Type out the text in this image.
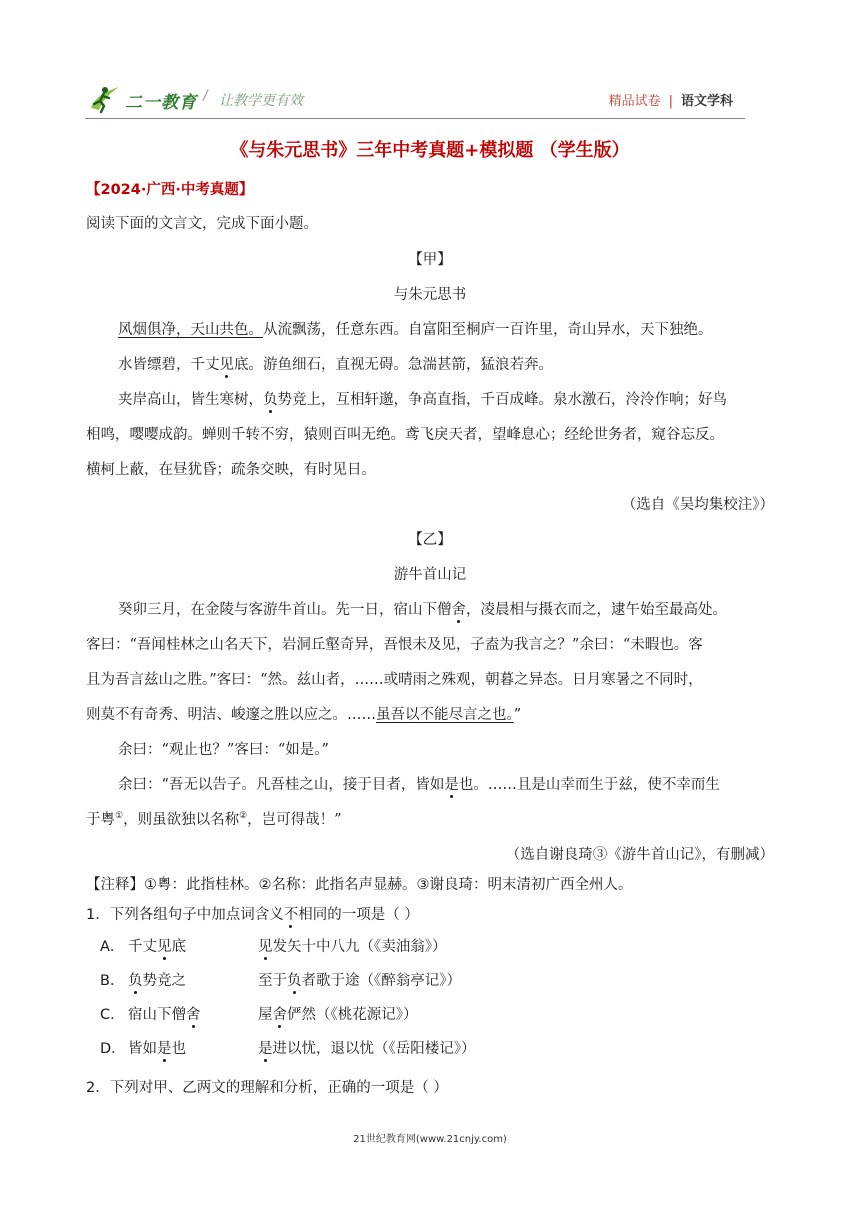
二一教育 / 让教学更有效	精品试卷 | 语文学科
《与朱元思书》三年中考真题+模拟题 （学生版）
【2024·广西·中考真题】
阅读下面的文言文，完成下面小题。
【甲】
与朱元思书
风烟俱净，天山共色。从流飘荡，任意东西。自富阳至桐庐一百许里，奇山异水，天下独绝。
水皆缥碧，千丈见底。游鱼细石，直视无碍。急湍甚箭，猛浪若奔。
夹岸高山，皆生寒树，负势竞上，互相轩邈，争高直指，千百成峰。泉水激石，泠泠作响；好鸟
相鸣，嘤嘤成韵。蝉则千转不穷，猿则百叫无绝。鸢飞戾天者，望峰息心；经纶世务者，窥谷忘反。
横柯上蔽，在昼犹昏；疏条交映，有时见日。
（选自《吴均集校注》）
【乙】
游牛首山记
癸卯三月，在金陵与客游牛首山。先一日，宿山下僧舍，凌晨相与摄衣而之，逮午始至最高处。
客曰：“吾闻桂林之山名天下，岩洞丘壑奇异，吾恨未及见，子盍为我言之？”余曰：“未暇也。客
且为吾言兹山之胜。”客曰：“然。兹山者，……或晴雨之殊观，朝暮之异态。日月寒暑之不同时，
则莫不有奇秀、明洁、峻邃之胜以应之。……虽吾以不能尽言之也。”
余曰：“观止也？”客曰：“如是。”
余曰：“吾无以告子。凡吾桂之山，接于目者，皆如是也。……且是山幸而生于兹，使不幸而生
于粤①，则虽欲独以名称②，岂可得哉！”
（选自谢良琦③《游牛首山记》，有删减）
【注释】①粤：此指桂林。②名称：此指名声显赫。③谢良琦：明末清初广西全州人。
1．下列各组句子中加点词含义不相同的一项是（ ）
A． 千丈见底	见发矢十中八九（《卖油翁》）
B． 负势竞之	至于负者歌于途（《醉翁亭记》）
C． 宿山下僧舍	屋舍俨然（《桃花源记》）
D． 皆如是也	是进以忧，退以忧（《岳阳楼记》）
2．下列对甲、乙两文的理解和分析，正确的一项是（ ）
21世纪教育网(www.21cnjy.com)
